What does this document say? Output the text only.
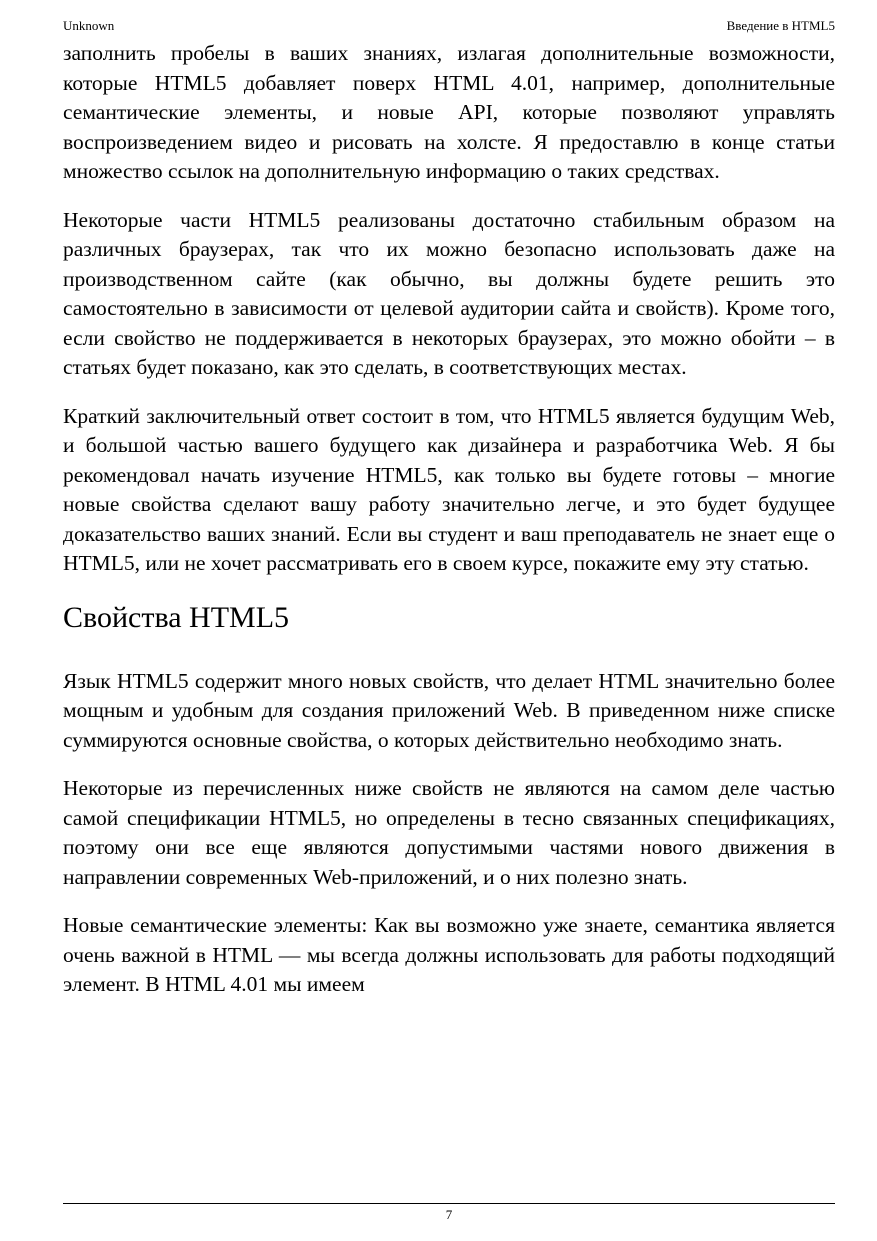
Unknown	Введение в HTML5

заполнить пробелы в ваших знаниях, излагая дополнительные возможности, которые HTML5 добавляет поверх HTML 4.01, например, дополнительные семантические элементы, и новые API, которые позволяют управлять воспроизведением видео и рисовать на холсте. Я предоставлю в конце статьи множество ссылок на дополнительную информацию о таких средствах.

Некоторые части HTML5 реализованы достаточно стабильным образом на различных браузерах, так что их можно безопасно использовать даже на производственном сайте (как обычно, вы должны будете решить это самостоятельно в зависимости от целевой аудитории сайта и свойств). Кроме того, если свойство не поддерживается в некоторых браузерах, это можно обойти – в статьях будет показано, как это сделать, в соответствующих местах.

Краткий заключительный ответ состоит в том, что HTML5 является будущим Web, и большой частью вашего будущего как дизайнера и разработчика Web. Я бы рекомендовал начать изучение HTML5, как только вы будете готовы – многие новые свойства сделают вашу работу значительно легче, и это будет будущее доказательство ваших знаний. Если вы студент и ваш преподаватель не знает еще о HTML5, или не хочет рассматривать его в своем курсе, покажите ему эту статью.

Свойства HTML5

Язык HTML5 содержит много новых свойств, что делает HTML значительно более мощным и удобным для создания приложений Web. В приведенном ниже списке суммируются основные свойства, о которых действительно необходимо знать.

Некоторые из перечисленных ниже свойств не являются на самом деле частью самой спецификации HTML5, но определены в тесно связанных спецификациях, поэтому они все еще являются допустимыми частями нового движения в направлении современных Web-приложений, и о них полезно знать.

Новые семантические элементы: Как вы возможно уже знаете, семантика является очень важной в HTML — мы всегда должны использовать для работы подходящий элемент. В HTML 4.01 мы имеем

7
